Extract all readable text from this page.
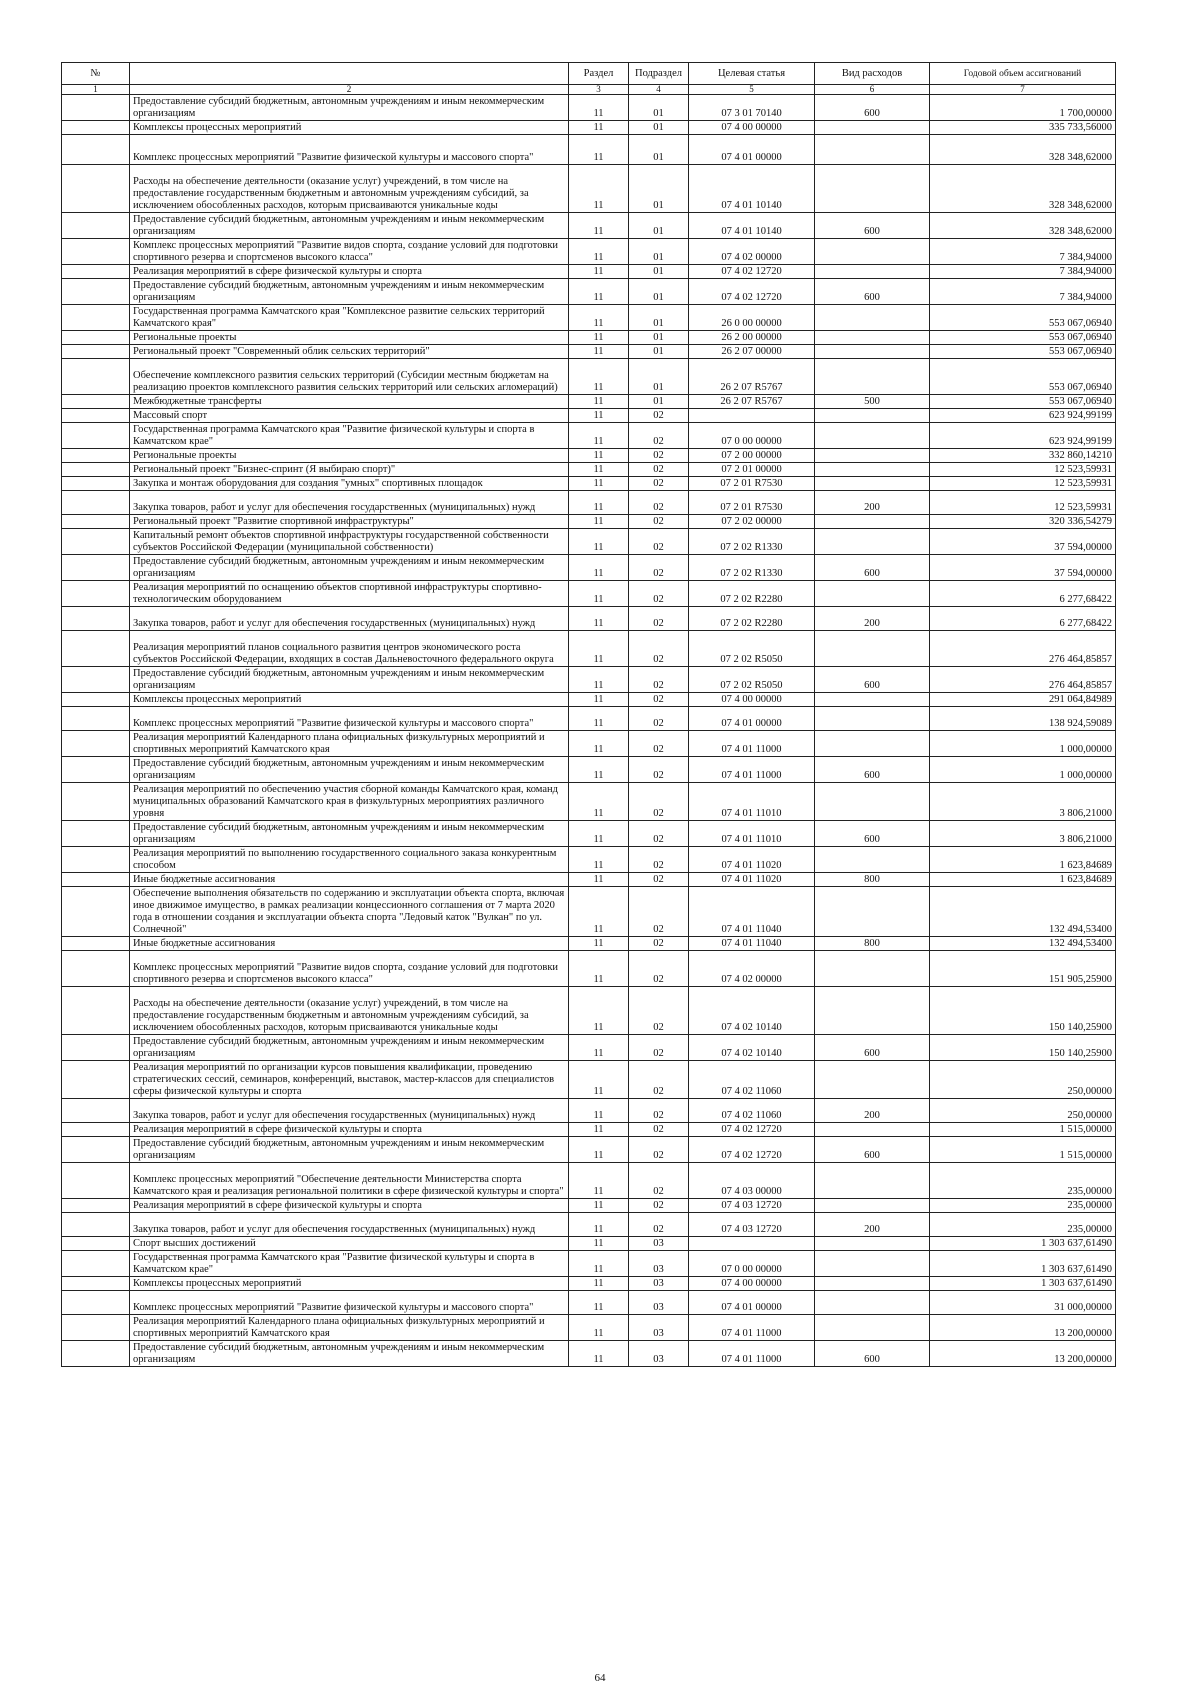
№		Раздел	Подраздел	Целевая статья	Вид расходов	Годовой объем ассигнований
1	2	3	4	5	6	7
	Предоставление субсидий бюджетным, автономным учреждениям и иным некоммерческим организациям	11	01	07 3 01 70140	600	1 700,00000
	Комплексы процессных мероприятий	11	01	07 4 00 00000		335 733,56000
	Комплекс процессных мероприятий "Развитие физической культуры и массового спорта"	11	01	07 4 01 00000		328 348,62000
	Расходы на обеспечение деятельности (оказание услуг) учреждений, в том числе на предоставление государственным бюджетным и автономным учреждениям субсидий, за исключением обособленных расходов, которым присваиваются уникальные коды	11	01	07 4 01 10140		328 348,62000
	Предоставление субсидий бюджетным, автономным учреждениям и иным некоммерческим организациям	11	01	07 4 01 10140	600	328 348,62000
	Комплекс процессных мероприятий "Развитие видов спорта, создание условий для подготовки спортивного резерва и спортсменов высокого класса"	11	01	07 4 02 00000		7 384,94000
	Реализация мероприятий в сфере физической культуры и спорта	11	01	07 4 02 12720		7 384,94000
	Предоставление субсидий бюджетным, автономным учреждениям и иным некоммерческим организациям	11	01	07 4 02 12720	600	7 384,94000
	Государственная программа Камчатского края "Комплексное развитие сельских территорий Камчатского края"	11	01	26 0 00 00000		553 067,06940
	Региональные проекты	11	01	26 2 00 00000		553 067,06940
	Региональный проект "Современный облик сельских территорий"	11	01	26 2 07 00000		553 067,06940
	Обеспечение комплексного развития сельских территорий (Субсидии местным бюджетам на реализацию проектов комплексного развития сельских территорий или сельских агломераций)	11	01	26 2 07 R5767		553 067,06940
	Межбюджетные трансферты	11	01	26 2 07 R5767	500	553 067,06940
	Массовый спорт	11	02			623 924,99199
	Государственная программа Камчатского края "Развитие физической культуры и спорта в Камчатском крае"	11	02	07 0 00 00000		623 924,99199
	Региональные проекты	11	02	07 2 00 00000		332 860,14210
	Региональный проект "Бизнес-спринт (Я выбираю спорт)"	11	02	07 2 01 00000		12 523,59931
	Закупка и монтаж оборудования для создания "умных" спортивных площадок	11	02	07 2 01 R7530		12 523,59931
	Закупка товаров, работ и услуг для обеспечения государственных (муниципальных) нужд	11	02	07 2 01 R7530	200	12 523,59931
	Региональный проект "Развитие спортивной инфраструктуры"	11	02	07 2 02 00000		320 336,54279
	Капитальный ремонт объектов спортивной инфраструктуры государственной собственности субъектов Российской Федерации (муниципальной собственности)	11	02	07 2 02 R1330		37 594,00000
	Предоставление субсидий бюджетным, автономным учреждениям и иным некоммерческим организациям	11	02	07 2 02 R1330	600	37 594,00000
	Реализация мероприятий по оснащению объектов спортивной инфраструктуры спортивно-технологическим оборудованием	11	02	07 2 02 R2280		6 277,68422
	Закупка товаров, работ и услуг для обеспечения государственных (муниципальных) нужд	11	02	07 2 02 R2280	200	6 277,68422
	Реализация мероприятий планов социального развития центров экономического роста субъектов Российской Федерации, входящих в состав Дальневосточного федерального округа	11	02	07 2 02 R5050		276 464,85857
	Предоставление субсидий бюджетным, автономным учреждениям и иным некоммерческим организациям	11	02	07 2 02 R5050	600	276 464,85857
	Комплексы процессных мероприятий	11	02	07 4 00 00000		291 064,84989
	Комплекс процессных мероприятий "Развитие физической культуры и массового спорта"	11	02	07 4 01 00000		138 924,59089
	Реализация мероприятий Календарного плана официальных физкультурных мероприятий и спортивных мероприятий Камчатского края	11	02	07 4 01 11000		1 000,00000
	Предоставление субсидий бюджетным, автономным учреждениям и иным некоммерческим организациям	11	02	07 4 01 11000	600	1 000,00000
	Реализация мероприятий по обеспечению участия сборной команды Камчатского края, команд муниципальных образований Камчатского края в физкультурных мероприятиях различного уровня	11	02	07 4 01 11010		3 806,21000
	Предоставление субсидий бюджетным, автономным учреждениям и иным некоммерческим организациям	11	02	07 4 01 11010	600	3 806,21000
	Реализация мероприятий по выполнению государственного социального заказа конкурентным способом	11	02	07 4 01 11020		1 623,84689
	Иные бюджетные ассигнования	11	02	07 4 01 11020	800	1 623,84689
	Обеспечение выполнения обязательств по содержанию и эксплуатации объекта спорта, включая иное движимое имущество, в рамках реализации концессионного соглашения от 7 марта 2020 года в отношении создания и эксплуатации объекта спорта "Ледовый каток "Вулкан" по ул. Солнечной"	11	02	07 4 01 11040		132 494,53400
	Иные бюджетные ассигнования	11	02	07 4 01 11040	800	132 494,53400
	Комплекс процессных мероприятий "Развитие видов спорта, создание условий для подготовки спортивного резерва и спортсменов высокого класса"	11	02	07 4 02 00000		151 905,25900
	Расходы на обеспечение деятельности (оказание услуг) учреждений, в том числе на предоставление государственным бюджетным и автономным учреждениям субсидий, за исключением обособленных расходов, которым присваиваются уникальные коды	11	02	07 4 02 10140		150 140,25900
	Предоставление субсидий бюджетным, автономным учреждениям и иным некоммерческим организациям	11	02	07 4 02 10140	600	150 140,25900
	Реализация мероприятий по организации курсов повышения квалификации, проведению стратегических сессий, семинаров, конференций, выставок, мастер-классов для специалистов сферы физической культуры и спорта	11	02	07 4 02 11060		250,00000
	Закупка товаров, работ и услуг для обеспечения государственных (муниципальных) нужд	11	02	07 4 02 11060	200	250,00000
	Реализация мероприятий в сфере физической культуры и спорта	11	02	07 4 02 12720		1 515,00000
	Предоставление субсидий бюджетным, автономным учреждениям и иным некоммерческим организациям	11	02	07 4 02 12720	600	1 515,00000
	Комплекс процессных мероприятий "Обеспечение деятельности Министерства спорта Камчатского края и реализация региональной политики в сфере физической культуры и спорта"	11	02	07 4 03 00000		235,00000
	Реализация мероприятий в сфере физической культуры и спорта	11	02	07 4 03 12720		235,00000
	Закупка товаров, работ и услуг для обеспечения государственных (муниципальных) нужд	11	02	07 4 03 12720	200	235,00000
	Спорт высших достижений	11	03			1 303 637,61490
	Государственная программа Камчатского края "Развитие физической культуры и спорта в Камчатском крае"	11	03	07 0 00 00000		1 303 637,61490
	Комплексы процессных мероприятий	11	03	07 4 00 00000		1 303 637,61490
	Комплекс процессных мероприятий "Развитие физической культуры и массового спорта"	11	03	07 4 01 00000		31 000,00000
	Реализация мероприятий Календарного плана официальных физкультурных мероприятий и спортивных мероприятий Камчатского края	11	03	07 4 01 11000		13 200,00000
	Предоставление субсидий бюджетным, автономным учреждениям и иным некоммерческим организациям	11	03	07 4 01 11000	600	13 200,00000
64
